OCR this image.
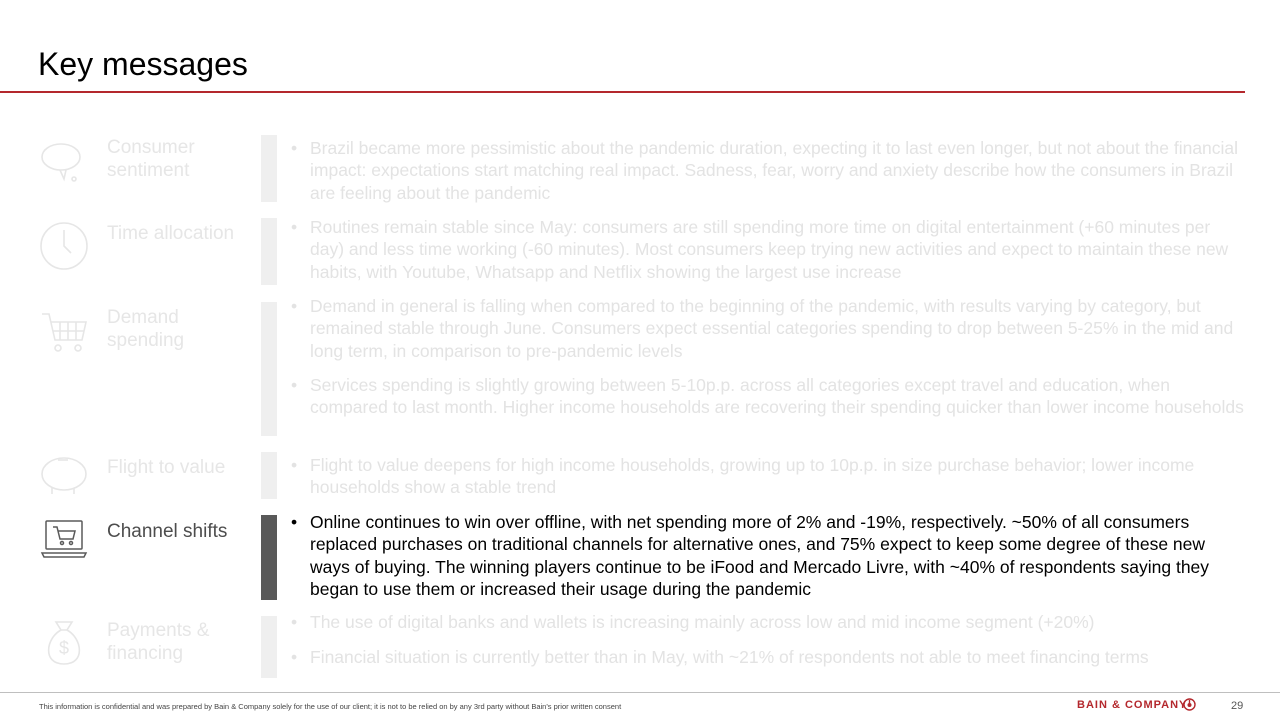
Key messages
Consumer sentiment
• Brazil became more pessimistic about the pandemic duration, expecting it to last even longer, but not about the financial impact: expectations start matching real impact. Sadness, fear, worry and anxiety describe how the consumers in Brazil are feeling about the pandemic
Time allocation	• Routines remain stable since May: consumers are still spending more time on digital entertainment (+60 minutes per day) and less time working (-60 minutes). Most consumers keep trying new activities and expect to maintain these new habits, with Youtube, Whatsapp and Netflix showing the largest use increase
Demand spending
• Demand in general is falling when compared to the beginning of the pandemic, with results varying by category, but remained stable through June. Consumers expect essential categories spending to drop between 5-25% in the mid and long term, in comparison to pre-pandemic levels
• Services spending is slightly growing between 5-10p.p. across all categories except travel and education, when compared to last month. Higher income households are recovering their spending quicker than lower income households
Flight to value	• Flight to value deepens for high income households, growing up to 10p.p. in size purchase behavior; lower income households show a stable trend
Channel shifts	• Online continues to win over offline, with net spending more of 2% and -19%, respectively. ~50% of all consumers replaced purchases on traditional channels for alternative ones, and 75% expect to keep some degree of these new ways of buying. The winning players continue to be iFood and Mercado Livre, with ~40% of respondents saying they began to use them or increased their usage during the pandemic
$
Payments & financing
• The use of digital banks and wallets is increasing mainly across low and mid income segment (+20%)
• Financial situation is currently better than in May, with ~21% of respondents not able to meet financing terms
This information is confidential and was prepared by Bain & Company solely for the use of our client; it is not to be relied on by any 3rd party without Bain's prior written consent	BAIN & COMPANY	29
